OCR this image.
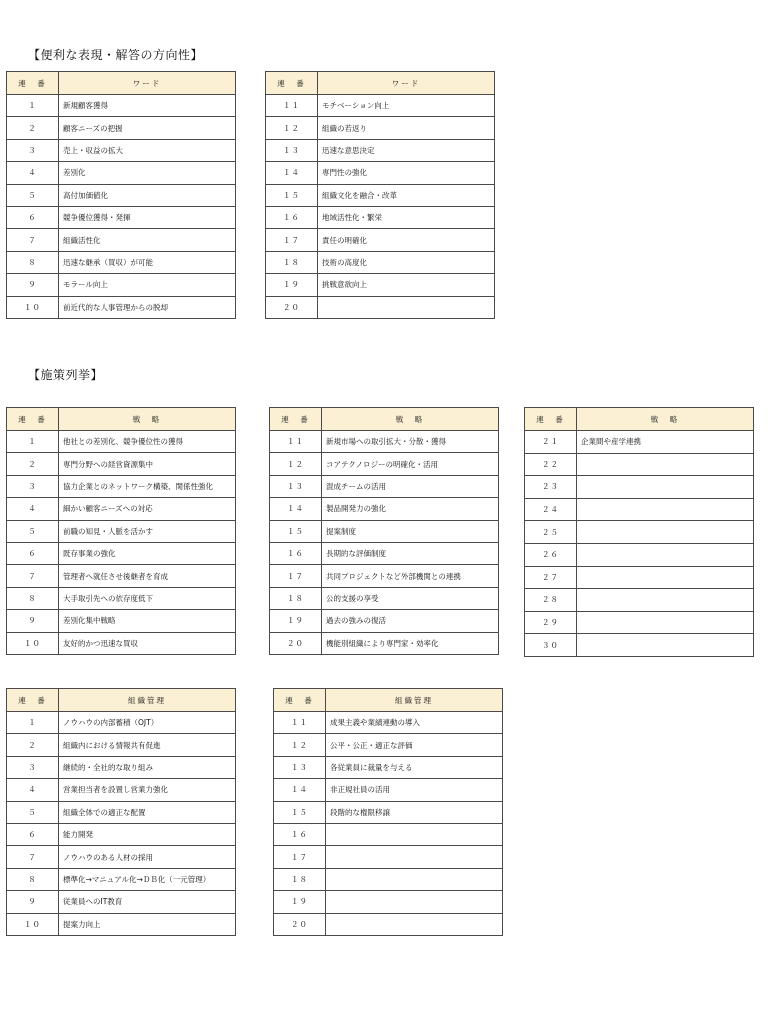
【便利な表現・解答の方向性】
連　番	ワード
１	新規顧客獲得
２	顧客ニーズの把握
３	売上・収益の拡大
４	差別化
５	高付加価値化
６	競争優位獲得・発揮
７	組織活性化
８	迅速な継承（買収）が可能
９	モラール向上
１０	前近代的な人事管理からの脱却
連　番	ワード
１１	モチベーション向上
１２	組織の若返り
１３	迅速な意思決定
１４	専門性の強化
１５	組織文化を融合・改革
１６	地域活性化・繁栄
１７	責任の明確化
１８	技術の高度化
１９	挑戦意欲向上
２０	
【施策列挙】
連　番	戦　略
１	他社との差別化、競争優位性の獲得
２	専門分野への経営資源集中
３	協力企業とのネットワーク構築、関係性強化
４	細かい顧客ニーズへの対応
５	前職の知見・人脈を活かす
６	既存事業の強化
７	管理者へ就任させ後継者を育成
８	大手取引先への依存度低下
９	差別化集中戦略
１０	友好的かつ迅速な買収
連　番	戦　略
１１	新規市場への取引拡大・分散・獲得
１２	コアテクノロジーの明確化・活用
１３	混成チームの活用
１４	製品開発力の強化
１５	提案制度
１６	長期的な評価制度
１７	共同プロジェクトなど外部機関との連携
１８	公的支援の享受
１９	過去の強みの復活
２０	機能別組織により専門家・効率化
連　番	戦　略
２１	企業間や産学連携
２２	
２３	
２４	
２５	
２６	
２７	
２８	
２９	
３０	
連　番	組織管理
１	ノウハウの内部蓄積（OJT）
２	組織内における情報共有促進
３	継続的・全社的な取り組み
４	営業担当者を設置し営業力強化
５	組織全体での適正な配置
６	能力開発
７	ノウハウのある人材の採用
８	標準化→マニュアル化→ＤＢ化（一元管理）
９	従業員へのIT教育
１０	提案力向上
連　番	組織管理
１１	成果主義や業績連動の導入
１２	公平・公正・適正な評価
１３	各従業員に裁量を与える
１４	非正規社員の活用
１５	段階的な権限移譲
１６	
１７	
１８	
１９	
２０	
